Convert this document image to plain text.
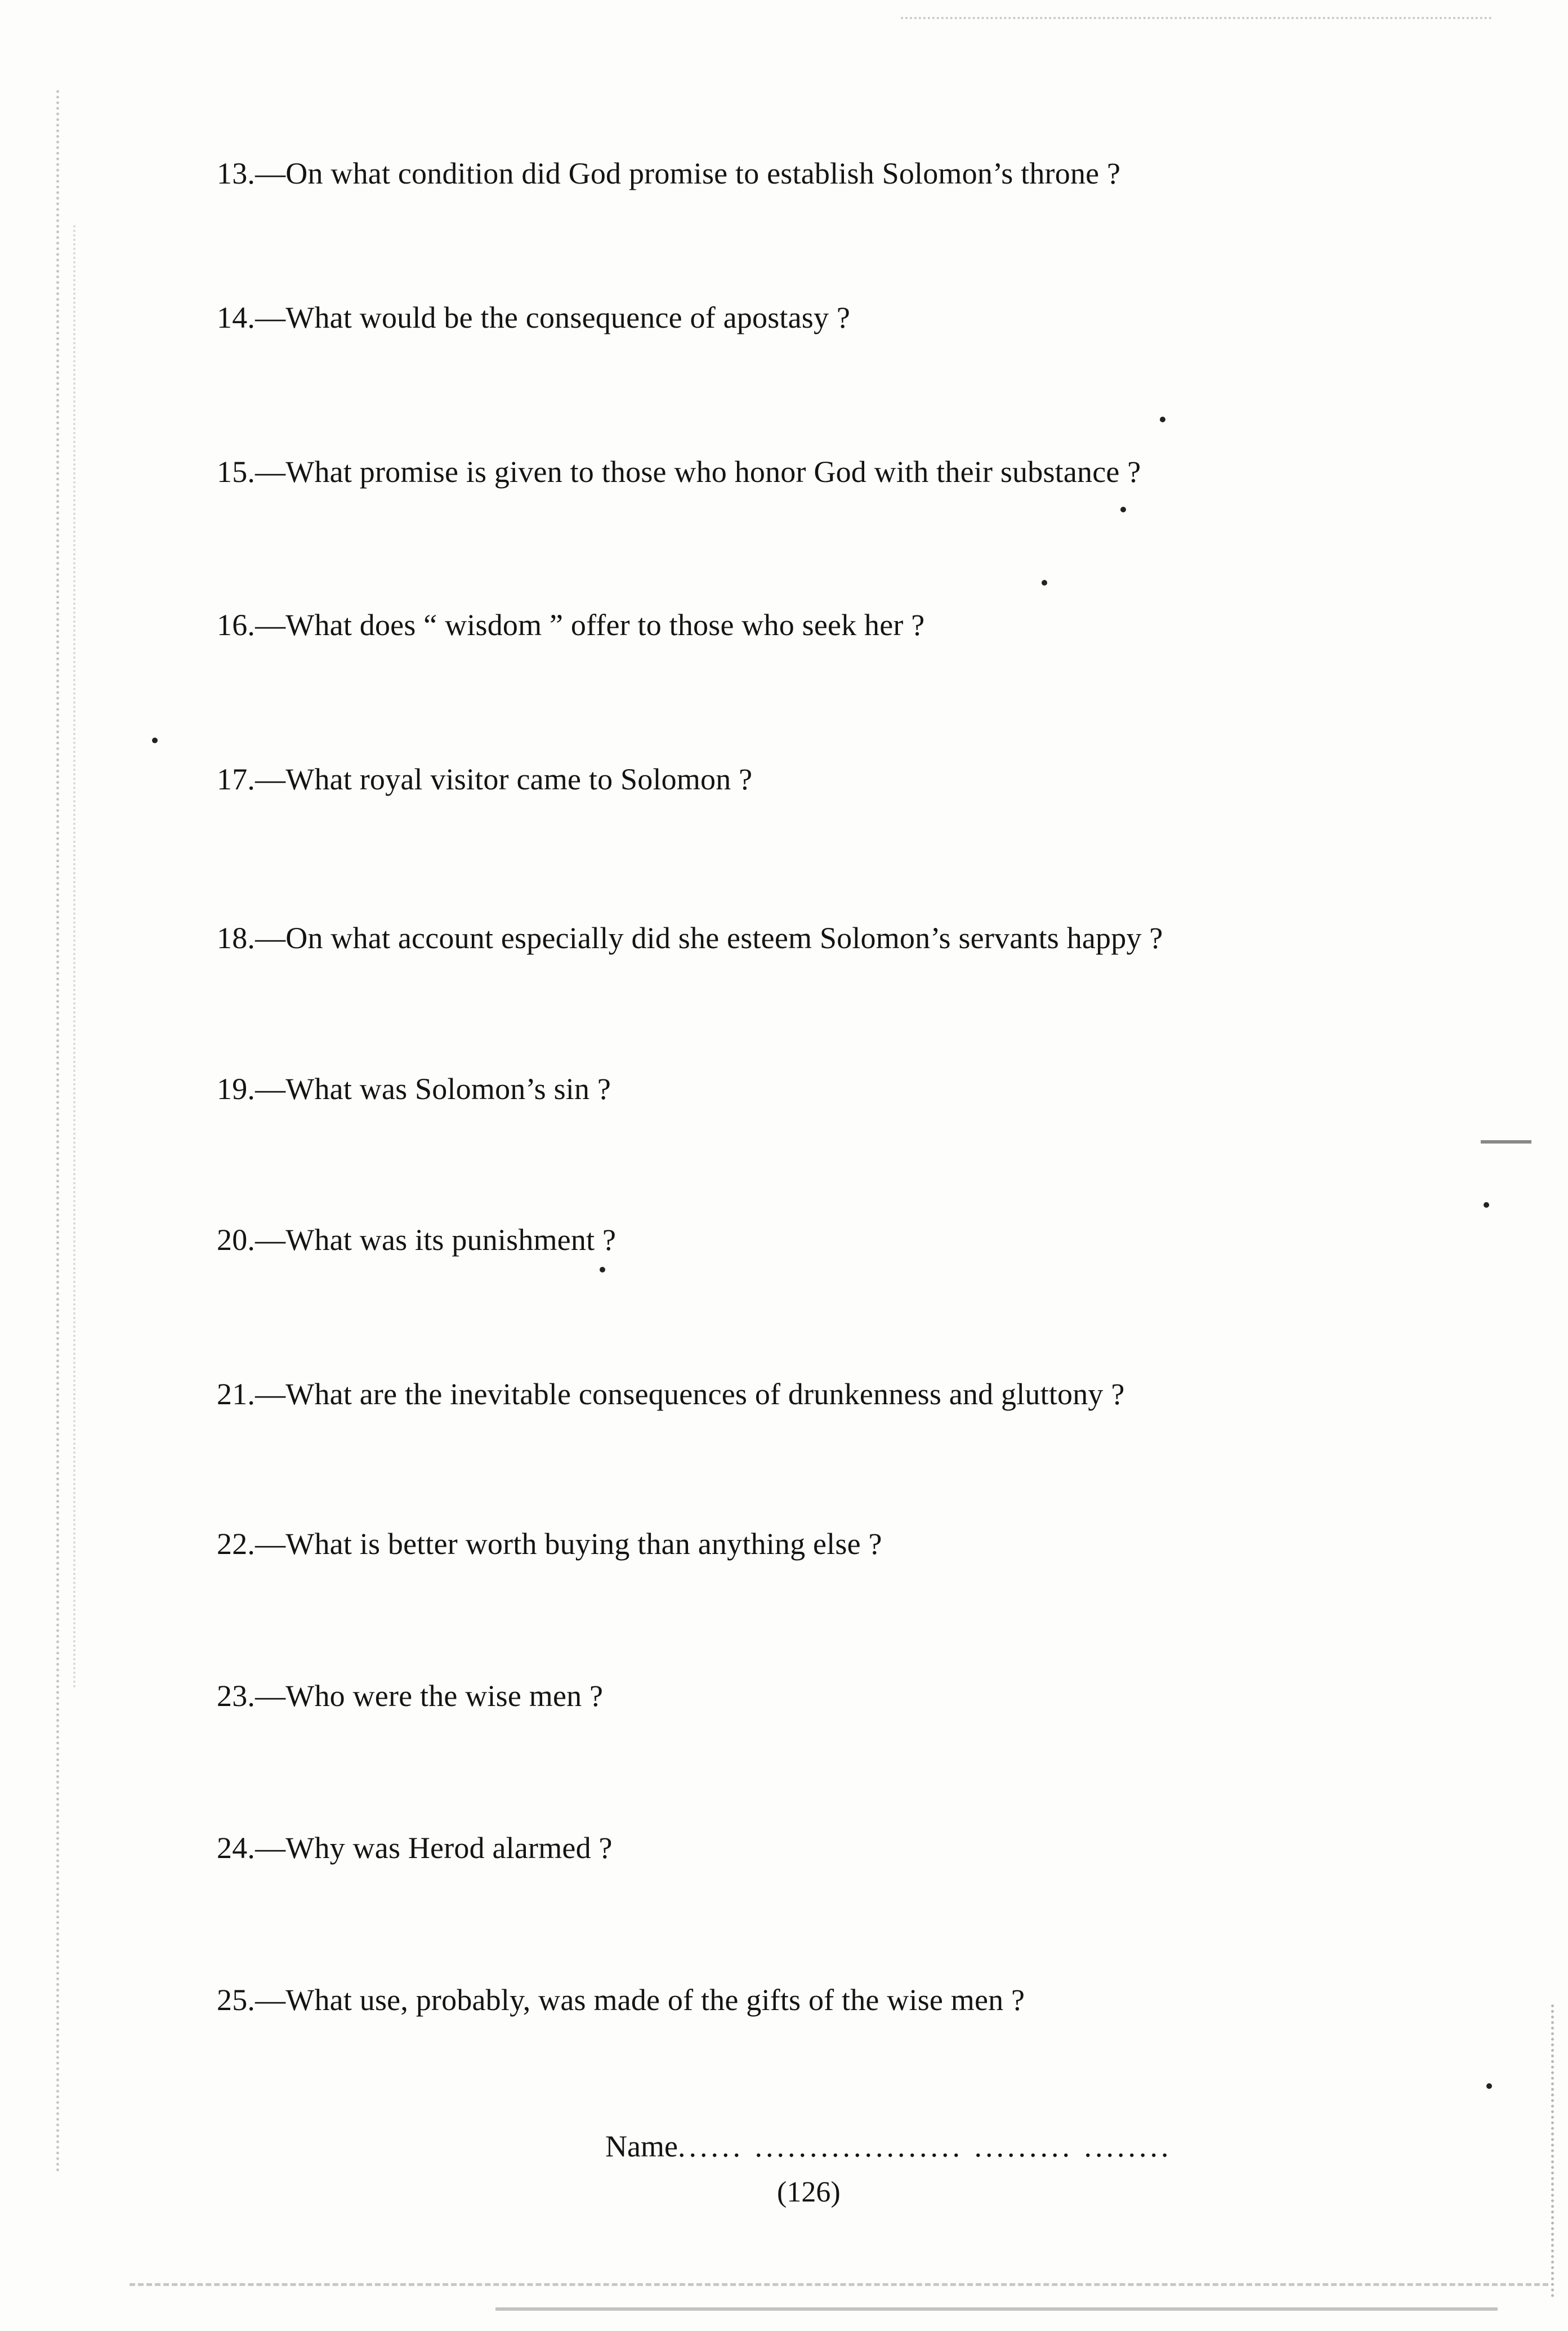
13.—On what condition did God promise to establish Solomon’s throne ?
14.—What would be the consequence of apostasy ?
15.—What promise is given to those who honor God with their substance ?
16.—What does “ wisdom ” offer to those who seek her ?
17.—What royal visitor came to Solomon ?
18.—On what account especially did she esteem Solomon’s servants happy ?
19.—What was Solomon’s sin ?
20.—What was its punishment ?
21.—What are the inevitable consequences of drunkenness and gluttony ?
22.—What is better worth buying than anything else ?
23.—Who were the wise men ?
24.—Why was Herod alarmed ?
25.—What use, probably, was made of the gifts of the wise men ?
Name...... ................... ......... ........
(126)
